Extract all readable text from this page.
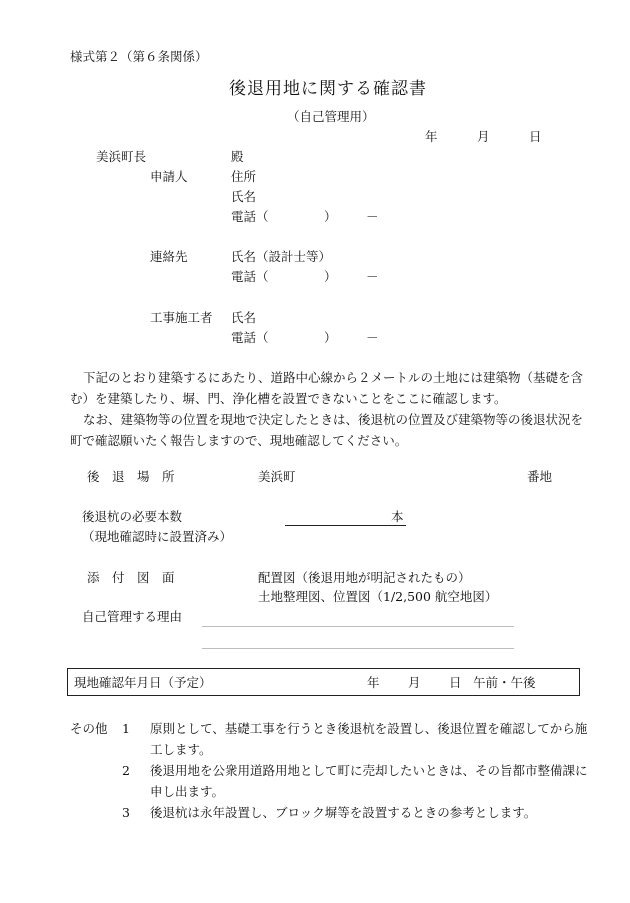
様式第２（第６条関係）
後退用地に関する確認書
（自己管理用）
年	月	日
美浜町長	殿
申請人	住所
氏名
電話（	） －
連絡先	氏名（設計士等）
電話（	） －
工事施工者 氏名
電話（	） －

下記のとおり建築するにあたり、道路中心線から２メートルの土地には建築物（基礎を含む）を建築したり、塀、門、浄化槽を設置できないことをここに確認します。

なお、建築物等の位置を現地で決定したときは、後退杭の位置及び建築物等の後退状況を町で確認願いたく報告しますので、現地確認してください。

後　退　場　所	美浜町	番地
後退杭の必要本数	本
（現地確認時に設置済み）
添　付　図　面	配置図（後退用地が明記されたもの）
土地整理図、位置図（1/2,500 航空地図）
自己管理する理由
現地確認年月日（予定）	年 月 日 午前・午後
その他	1	原則として、基礎工事を行うとき後退杭を設置し、後退位置を確認してから施工します。
2	後退用地を公衆用道路用地として町に売却したいときは、その旨都市整備課に申し出ます。
3	後退杭は永年設置し、ブロック塀等を設置するときの参考とします。
